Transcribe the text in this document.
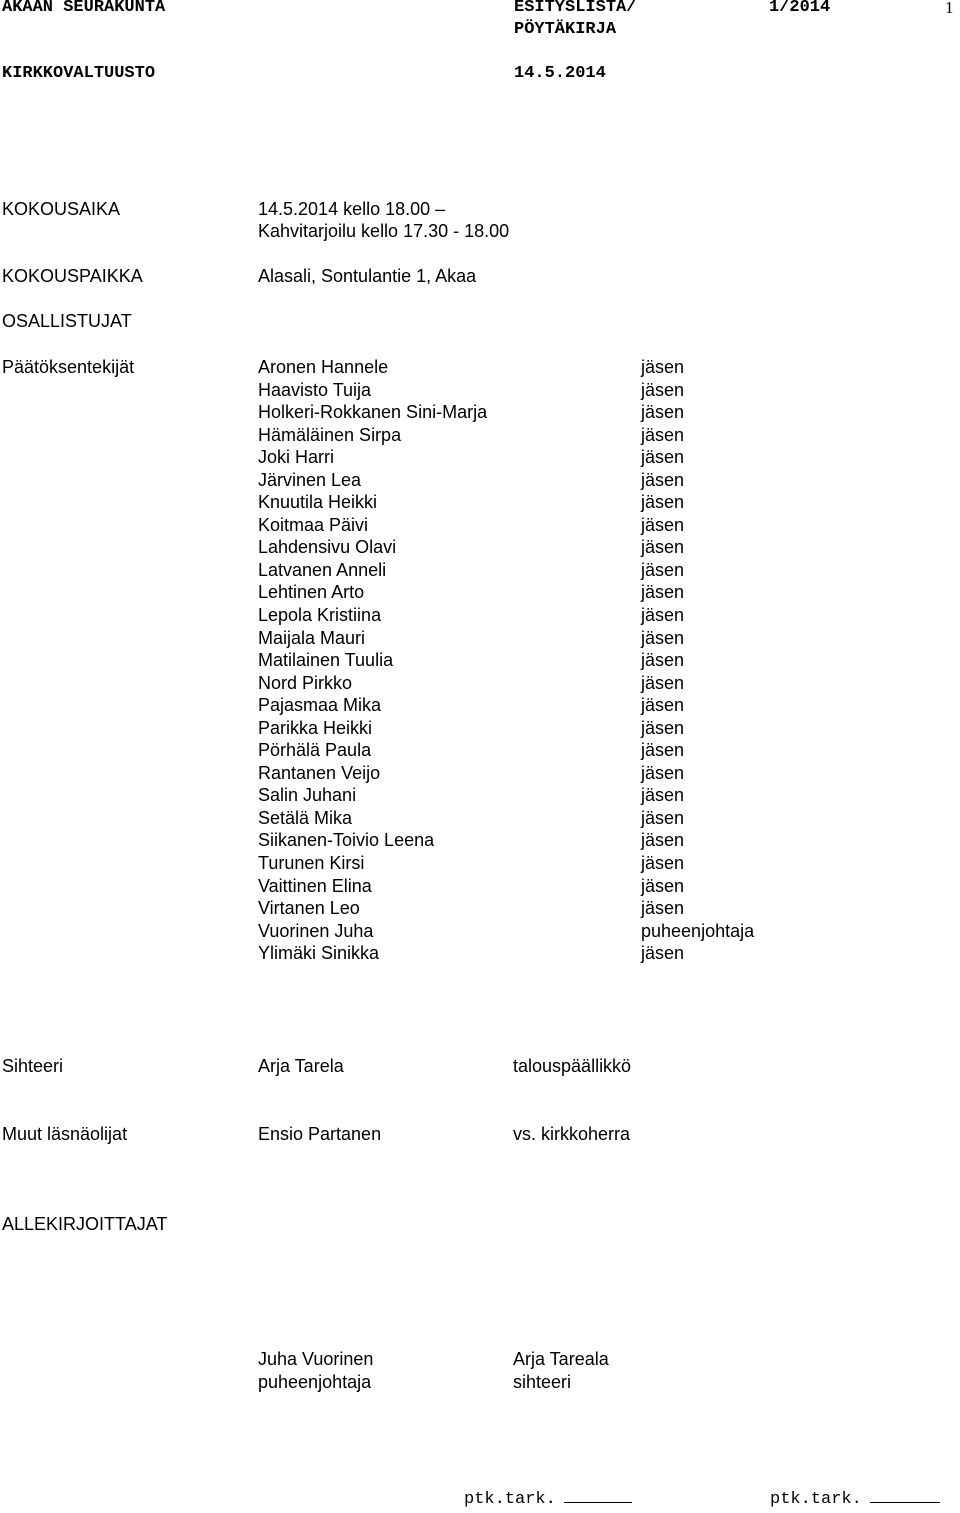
AKAAN SEURAKUNTA	ESITYSLISTA/
PÖYTÄKIRJA
1/2014	1
KIRKKOVALTUUSTO	14.5.2014
KOKOUSAIKA	14.5.2014 kello 18.00 –
Kahvitarjoilu kello 17.30 - 18.00
KOKOUSPAIKKA	Alasali, Sontulantie 1, Akaa
OSALLISTUJAT
Päätöksentekijät	Aronen Hannele	jäsen
Haavisto Tuija	jäsen
Holkeri-Rokkanen Sini-Marja	jäsen
Hämäläinen Sirpa	jäsen
Joki Harri	jäsen
Järvinen Lea	jäsen
Knuutila Heikki	jäsen
Koitmaa Päivi	jäsen
Lahdensivu Olavi	jäsen
Latvanen Anneli	jäsen
Lehtinen Arto	jäsen
Lepola Kristiina	jäsen
Maijala Mauri	jäsen
Matilainen Tuulia	jäsen
Nord Pirkko	jäsen
Pajasmaa Mika	jäsen
Parikka Heikki	jäsen
Pörhälä Paula	jäsen
Rantanen Veijo	jäsen
Salin Juhani	jäsen
Setälä Mika	jäsen
Siikanen-Toivio Leena	jäsen
Turunen Kirsi	jäsen
Vaittinen Elina	jäsen
Virtanen Leo	jäsen
Vuorinen Juha	puheenjohtaja
Ylimäki Sinikka	jäsen
Sihteeri	Arja Tarela	talouspäällikkö
Muut läsnäolijat	Ensio Partanen	vs. kirkkoherra
ALLEKIRJOITTAJAT
Juha Vuorinen
puheenjohtaja
Arja Tareala
sihteeri
ptk.tark.	ptk.tark.
